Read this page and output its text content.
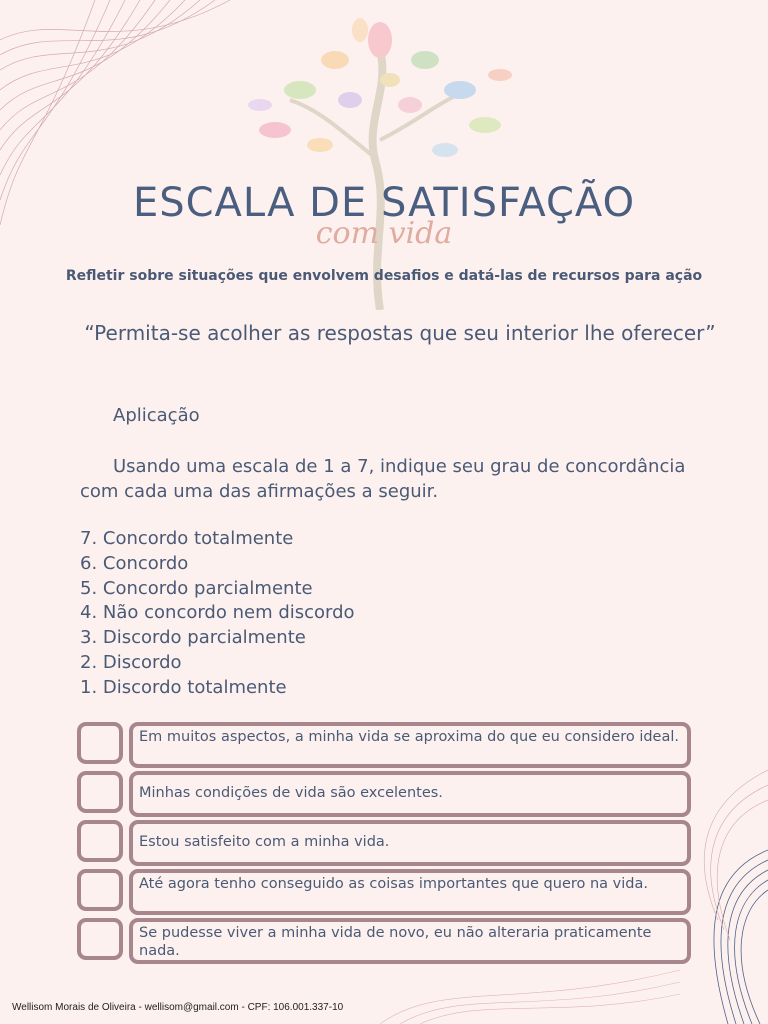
ESCALA DE SATISFAÇÃO

com vida

Refletir sobre situações que envolvem desafios e datá-las de recursos para ação

“Permita-se acolher as respostas que seu interior lhe oferecer”

Aplicação

Usando uma escala de 1 a 7, indique seu grau de concordância com cada uma das afirmações a seguir.

7. Concordo totalmente
6. Concordo
5. Concordo parcialmente
4. Não concordo nem discordo
3. Discordo parcialmente
2. Discordo
1. Discordo totalmente
Em muitos aspectos, a minha vida se aproxima do que eu considero ideal.
Minhas condições de vida são excelentes.
Estou satisfeito com a minha vida.
Até agora tenho conseguido as coisas importantes que quero na vida.
Se pudesse viver a minha vida de novo, eu não alteraria praticamente nada.

Wellisom Morais de Oliveira - wellisom@gmail.com - CPF: 106.001.337-10
